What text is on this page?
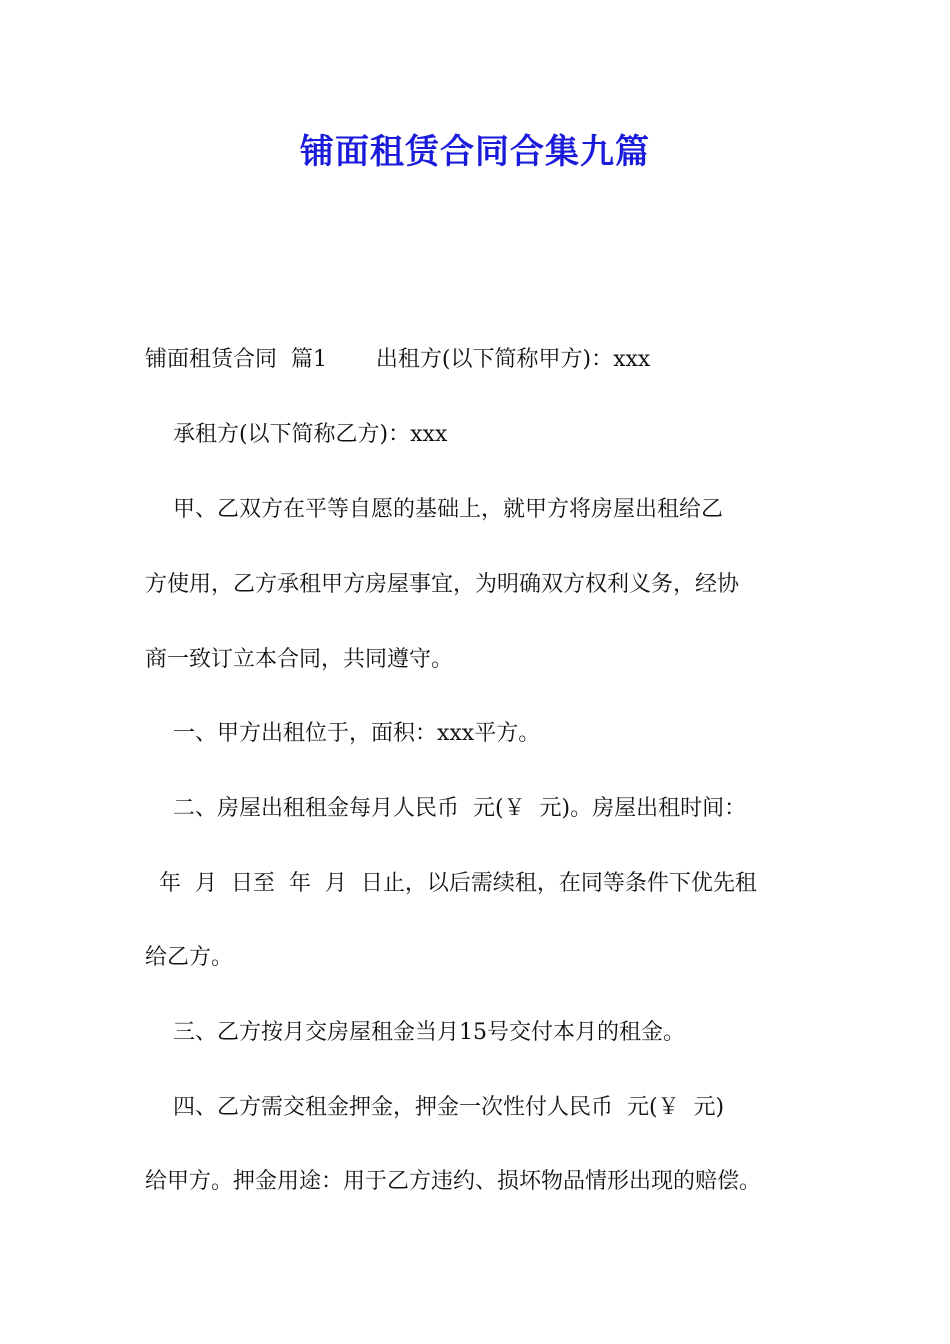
铺面租赁合同合集九篇
铺面租赁合同  篇1       出租方(以下简称甲方)：xxx
承租方(以下简称乙方)：xxx
甲、乙双方在平等自愿的基础上，就甲方将房屋出租给乙
方使用，乙方承租甲方房屋事宜，为明确双方权利义务，经协
商一致订立本合同，共同遵守。
一、甲方出租位于，面积：xxx平方。
二、房屋出租租金每月人民币  元(￥  元)。房屋出租时间：
年  月  日至  年  月  日止，以后需续租，在同等条件下优先租
给乙方。
三、乙方按月交房屋租金当月15号交付本月的租金。
四、乙方需交租金押金，押金一次性付人民币  元(￥  元)
给甲方。押金用途：用于乙方违约、损坏物品情形出现的赔偿。
